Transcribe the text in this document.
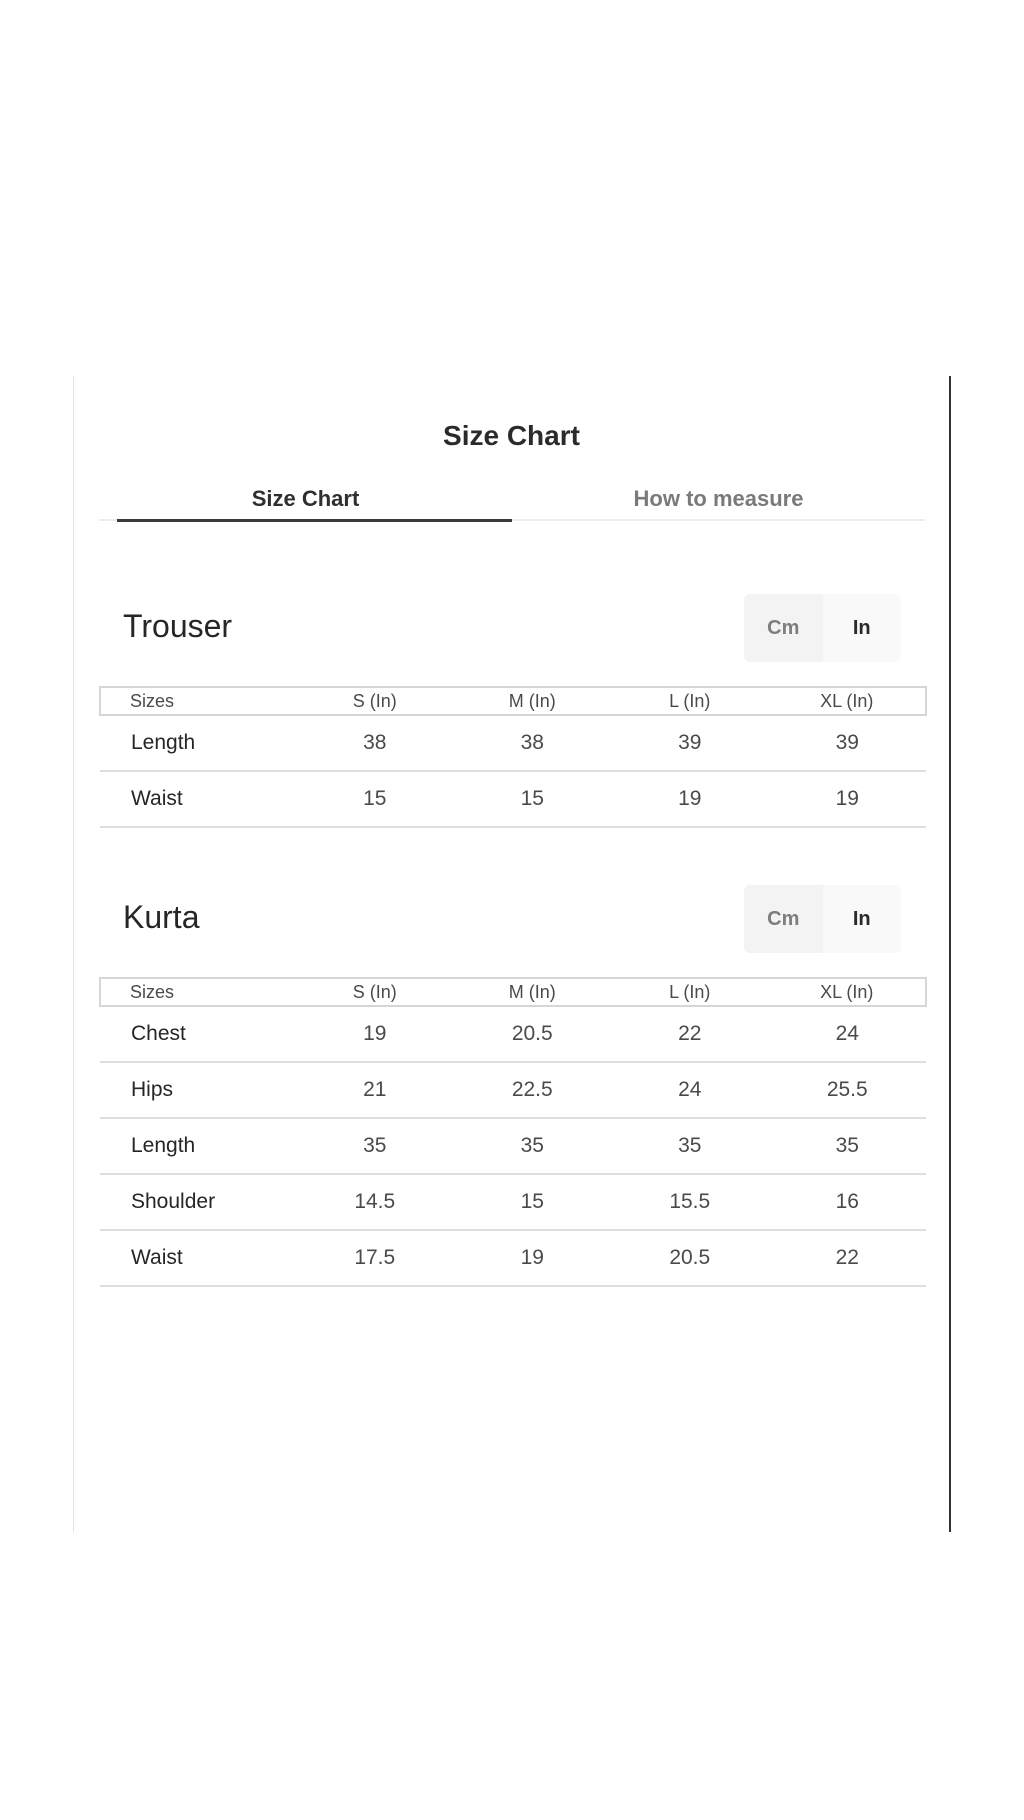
Size Chart
Size Chart	How to measure
Trouser	Cm	In
Sizes	S (In)	M (In)	L (In)	XL (In)
Length	38	38	39	39
Waist	15	15	19	19
Kurta	Cm	In
Sizes	S (In)	M (In)	L (In)	XL (In)
Chest	19	20.5	22	24
Hips	21	22.5	24	25.5
Length	35	35	35	35
Shoulder	14.5	15	15.5	16
Waist	17.5	19	20.5	22
